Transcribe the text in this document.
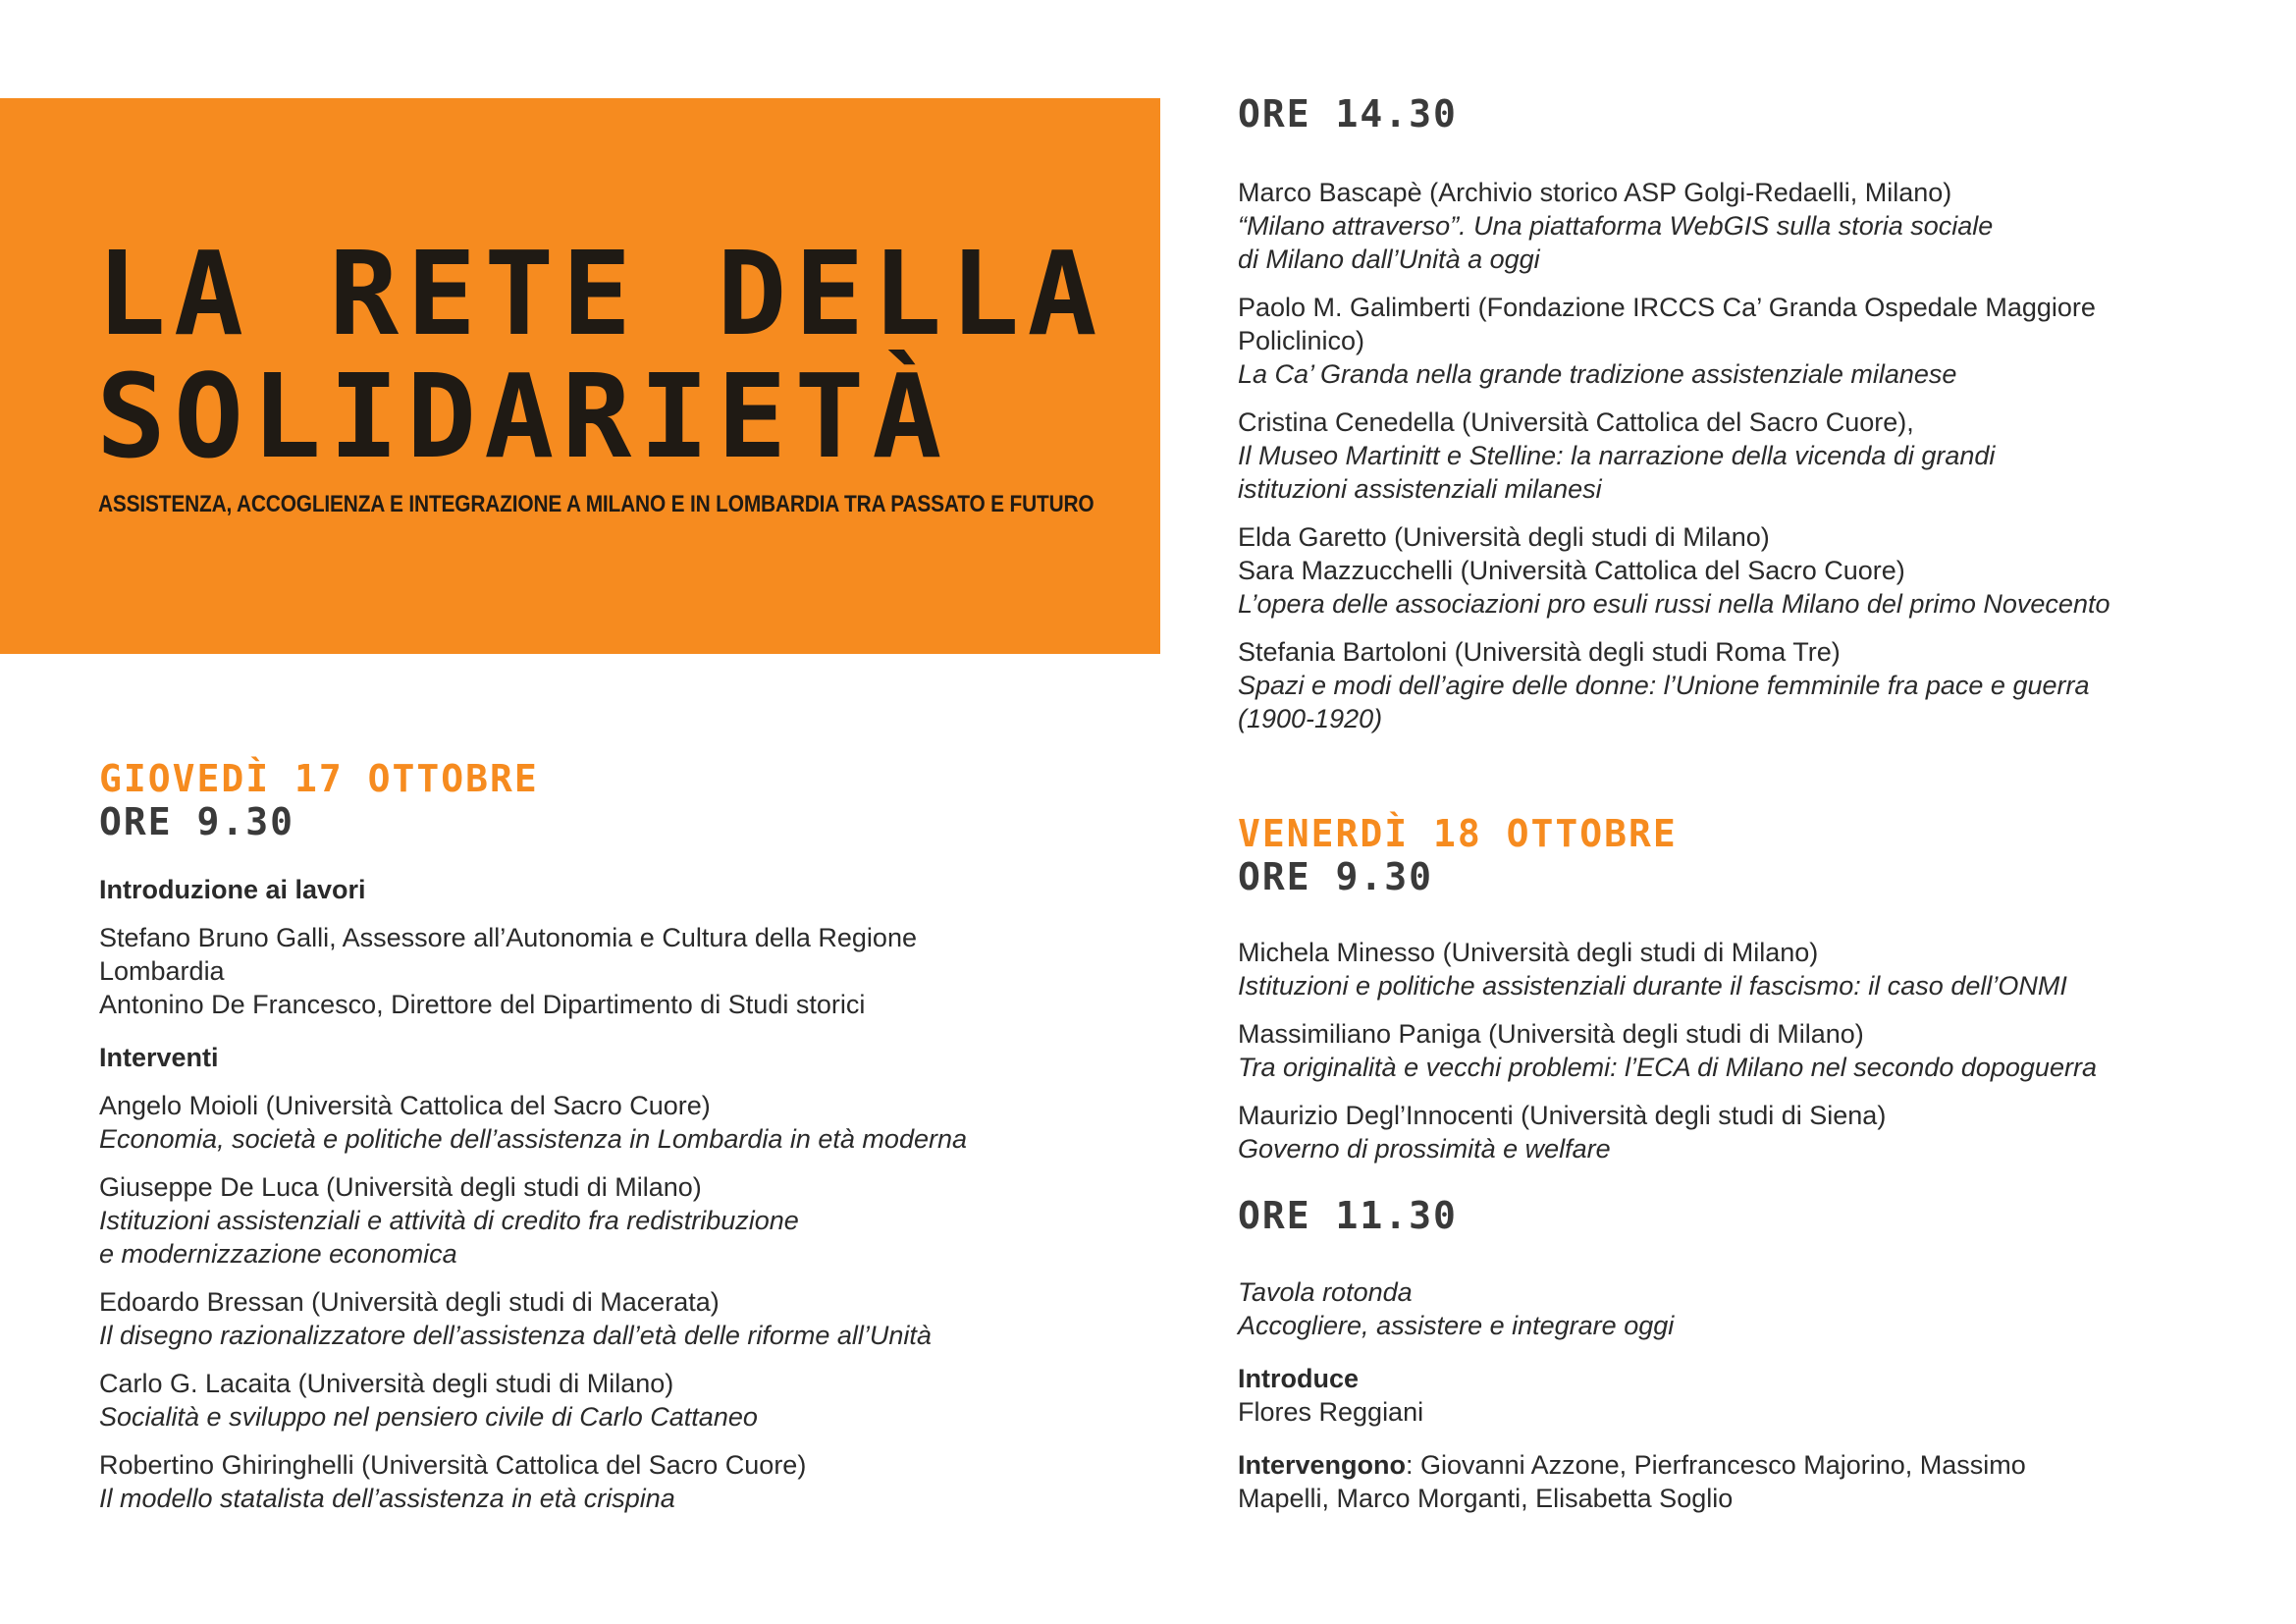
LA RETE DELLA
SOLIDARIETÀ
ASSISTENZA, ACCOGLIENZA E INTEGRAZIONE A MILANO E IN LOMBARDIA TRA PASSATO E FUTURO

GIOVEDÌ 17 OTTOBRE

ORE 9.30

Introduzione ai lavori

Stefano Bruno Galli, Assessore all’Autonomia e Cultura della Regione

Lombardia

Antonino De Francesco, Direttore del Dipartimento di Studi storici

Interventi

Angelo Moioli (Università Cattolica del Sacro Cuore)

Economia, società e politiche dell’assistenza in Lombardia in età moderna

Giuseppe De Luca (Università degli studi di Milano)

Istituzioni assistenziali e attività di credito fra redistribuzione

e modernizzazione economica

Edoardo Bressan (Università degli studi di Macerata)

Il disegno razionalizzatore dell’assistenza dall’età delle riforme all’Unità

Carlo G. Lacaita (Università degli studi di Milano)

Socialità e sviluppo nel pensiero civile di Carlo Cattaneo

Robertino Ghiringhelli (Università Cattolica del Sacro Cuore)

Il modello statalista dell’assistenza in età crispina

ORE 14.30

Marco Bascapè (Archivio storico ASP Golgi-Redaelli, Milano)

“Milano attraverso”. Una piattaforma WebGIS sulla storia sociale

di Milano dall’Unità a oggi

Paolo M. Galimberti (Fondazione IRCCS Ca’ Granda Ospedale Maggiore

Policlinico)

La Ca’ Granda nella grande tradizione assistenziale milanese

Cristina Cenedella (Università Cattolica del Sacro Cuore),

Il Museo Martinitt e Stelline: la narrazione della vicenda di grandi

istituzioni assistenziali milanesi

Elda Garetto (Università degli studi di Milano)

Sara Mazzucchelli (Università Cattolica del Sacro Cuore)

L’opera delle associazioni pro esuli russi nella Milano del primo Novecento

Stefania Bartoloni (Università degli studi Roma Tre)

Spazi e modi dell’agire delle donne: l’Unione femminile fra pace e guerra

(1900-1920)

VENERDÌ 18 OTTOBRE

ORE 9.30

Michela Minesso (Università degli studi di Milano)

Istituzioni e politiche assistenziali durante il fascismo: il caso dell’ONMI

Massimiliano Paniga (Università degli studi di Milano)

Tra originalità e vecchi problemi: l’ECA di Milano nel secondo dopoguerra

Maurizio Degl’Innocenti (Università degli studi di Siena)

Governo di prossimità e welfare

ORE 11.30

Tavola rotonda

Accogliere, assistere e integrare oggi

Introduce

Flores Reggiani

Intervengono: Giovanni Azzone, Pierfrancesco Majorino, Massimo

Mapelli, Marco Morganti, Elisabetta Soglio
